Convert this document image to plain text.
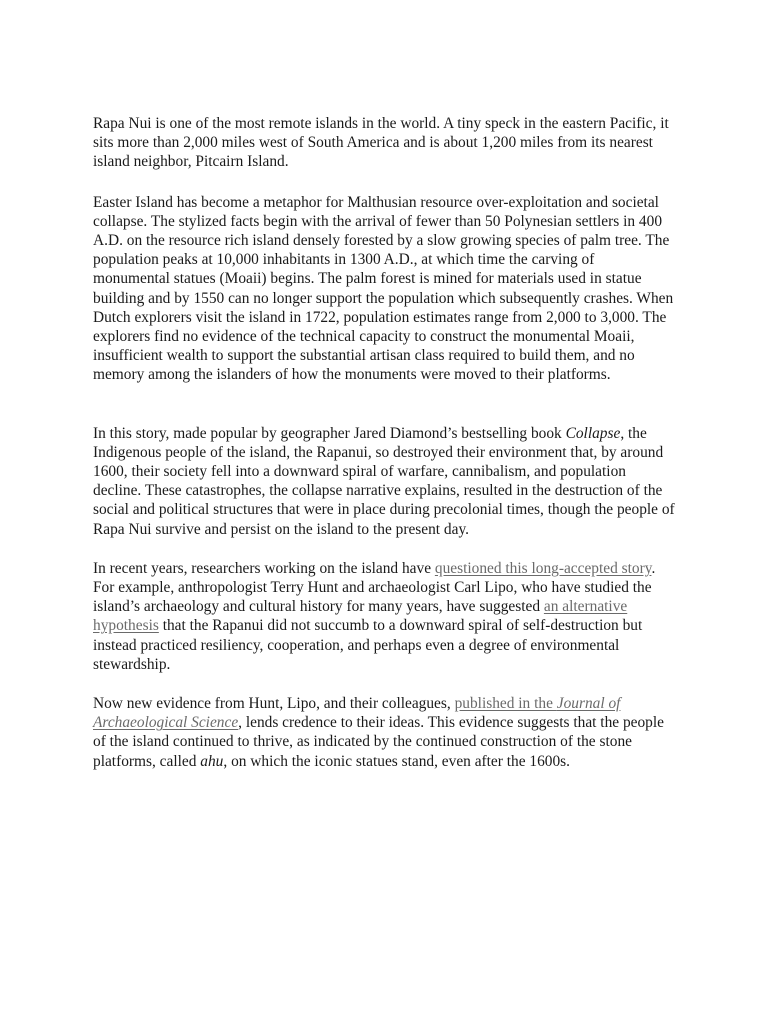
Rapa Nui is one of the most remote islands in the world. A tiny speck in the eastern Pacific, it sits more than 2,000 miles west of South America and is about 1,200 miles from its nearest island neighbor, Pitcairn Island.

Easter Island has become a metaphor for Malthusian resource over-exploitation and societal collapse. The stylized facts begin with the arrival of fewer than 50 Polynesian settlers in 400 A.D. on the resource rich island densely forested by a slow growing species of palm tree. The population peaks at 10,000 inhabitants in 1300 A.D., at which time the carving of monumental statues (Moaii) begins. The palm forest is mined for materials used in statue building and by 1550 can no longer support the population which subsequently crashes. When Dutch explorers visit the island in 1722, population estimates range from 2,000 to 3,000. The explorers find no evidence of the technical capacity to construct the monumental Moaii, insufficient wealth to support the substantial artisan class required to build them, and no memory among the islanders of how the monuments were moved to their platforms.

In this story, made popular by geographer Jared Diamond’s bestselling book Collapse, the Indigenous people of the island, the Rapanui, so destroyed their environment that, by around 1600, their society fell into a downward spiral of warfare, cannibalism, and population decline. These catastrophes, the collapse narrative explains, resulted in the destruction of the social and political structures that were in place during precolonial times, though the people of Rapa Nui survive and persist on the island to the present day.

In recent years, researchers working on the island have questioned this long-accepted story. For example, anthropologist Terry Hunt and archaeologist Carl Lipo, who have studied the island’s archaeology and cultural history for many years, have suggested an alternative hypothesis that the Rapanui did not succumb to a downward spiral of self-destruction but instead practiced resiliency, cooperation, and perhaps even a degree of environmental stewardship.

Now new evidence from Hunt, Lipo, and their colleagues, published in the Journal of Archaeological Science, lends credence to their ideas. This evidence suggests that the people of the island continued to thrive, as indicated by the continued construction of the stone platforms, called ahu, on which the iconic statues stand, even after the 1600s.
